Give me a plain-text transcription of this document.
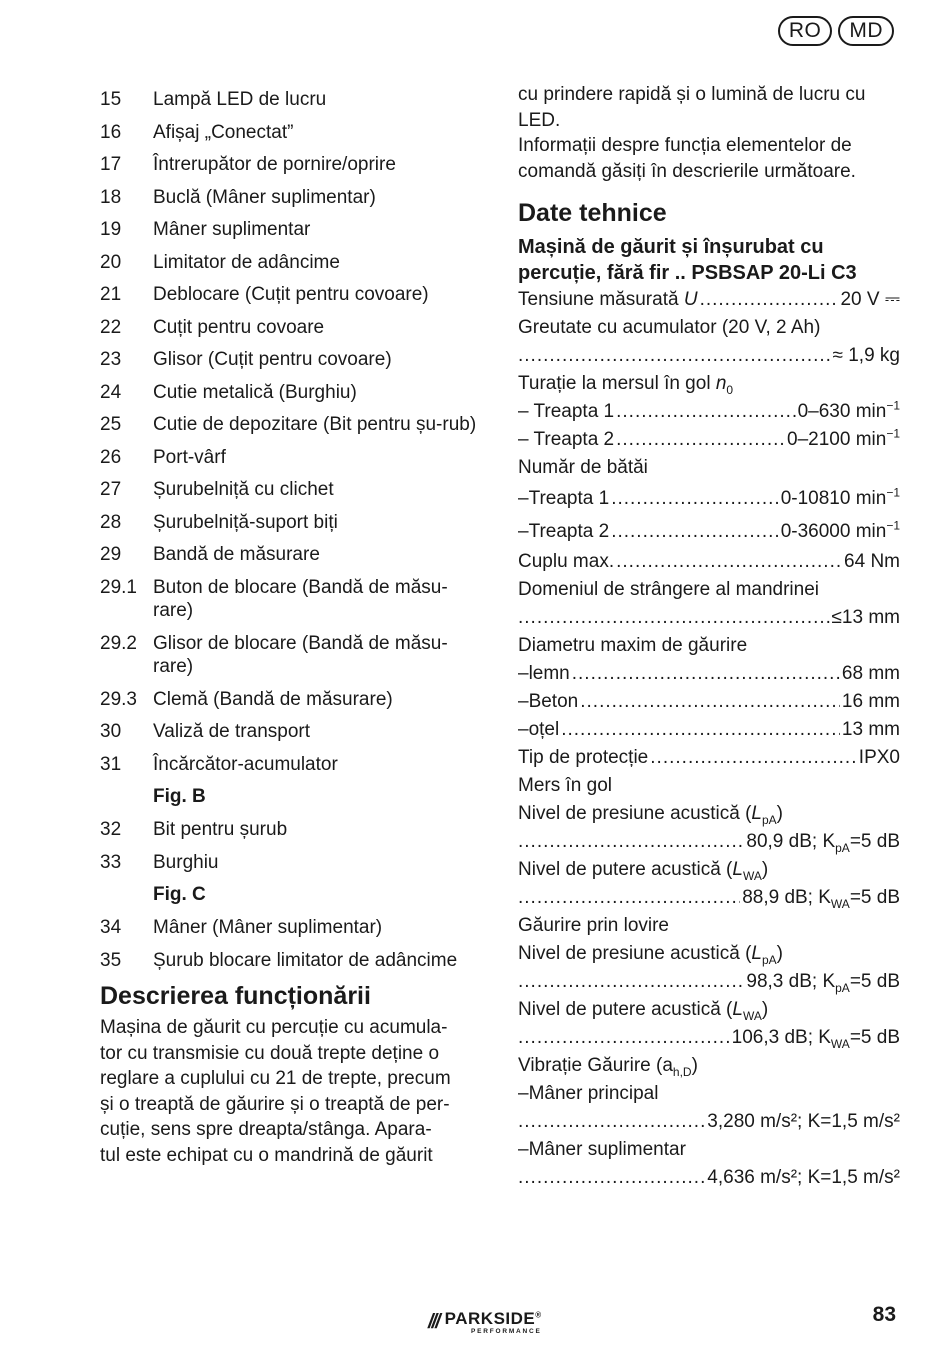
RO	MD
15	Lampă LED de lucru
16	Afișaj „Conectat”
17	Întrerupător de pornire/oprire
18	Buclă (Mâner suplimentar)
19	Mâner suplimentar
20	Limitator de adâncime
21	Deblocare (Cuțit pentru covoare)
22	Cuțit pentru covoare
23	Glisor (Cuțit pentru covoare)
24	Cutie metalică (Burghiu)
25	Cutie de depozitare (Bit pentru șu-rub)
26	Port-vârf
27	Șurubelniță cu clichet
28	Șurubelniță-suport biți
29	Bandă de măsurare
29.1 Buton de blocare (Bandă de măsu-rare)
29.2 Glisor de blocare (Bandă de măsu-rare)
29.3 Clemă (Bandă de măsurare)
30	Valiză de transport
31	Încărcător-acumulator
Fig. B
32	Bit pentru șurub
33	Burghiu
Fig. C
34	Mâner (Mâner suplimentar)
35	Șurub blocare limitator de adâncime
Descrierea funcționării
Mașina de găurit cu percuție cu acumula-
tor cu transmisie cu două trepte deține o
reglare a cuplului cu 21 de trepte, precum
și o treaptă de găurire și o treaptă de per-
cuție, sens spre dreapta/stânga. Apara-
tul este echipat cu o mandrină de găurit
cu prindere rapidă și o lumină de lucru cu
LED.
Informații despre funcția elementelor de
comandă găsiți în descrierile următoare.
Date tehnice
Mașină de găurit și înșurubat cu
percuție, fără fir .. PSBSAP 20-Li C3
Tensiune măsurată U .....	20 V ⎓
Greutate cu acumulator (20 V, 2 Ah)
.....
≈ 1,9 kg
Turație la mersul în gol $n_0$
– Treapta 1 .....	0–630 $\min^{-1}$
– Treapta 2 .....	0–2100 $\min^{-1}$
Număr de bătăi
–Treapta 1 .....	0-10810 $\min^{-1}$
–Treapta 2 .....	0-36000 $\min^{-1}$
Cuplu max. .....	64 Nm
Domeniul de strângere al mandrinei
.....
≤13 mm
Diametru maxim de găurire
–lemn .....	68 mm
–Beton .....	16 mm
–oțel .....	13 mm
Tip de protecție .....	IPX0
Mers în gol
Nivel de presiune acustică $(L_{pA})$
.....
80,9 dB; $K_{pA}=5$ dB
Nivel de putere acustică $(L_{WA})$
.....
88,9 dB; $K_{WA}=5$ dB
Găurire prin lovire
Nivel de presiune acustică $(L_{pA})$
.....
98,3 dB; $K_{pA}=5$ dB
Nivel de putere acustică $(L_{WA})$
.....
106,3 dB; $K_{WA}=5$ dB
Vibrație Găurire $(a_{h,D})$
–Mâner principal
.....
3,280 m/s²; K=1,5 m/s²
–Mâner suplimentar
.....
4,636 m/s²; K=1,5 m/s²
/// PARKSIDE®
PERFORMANCE
83
